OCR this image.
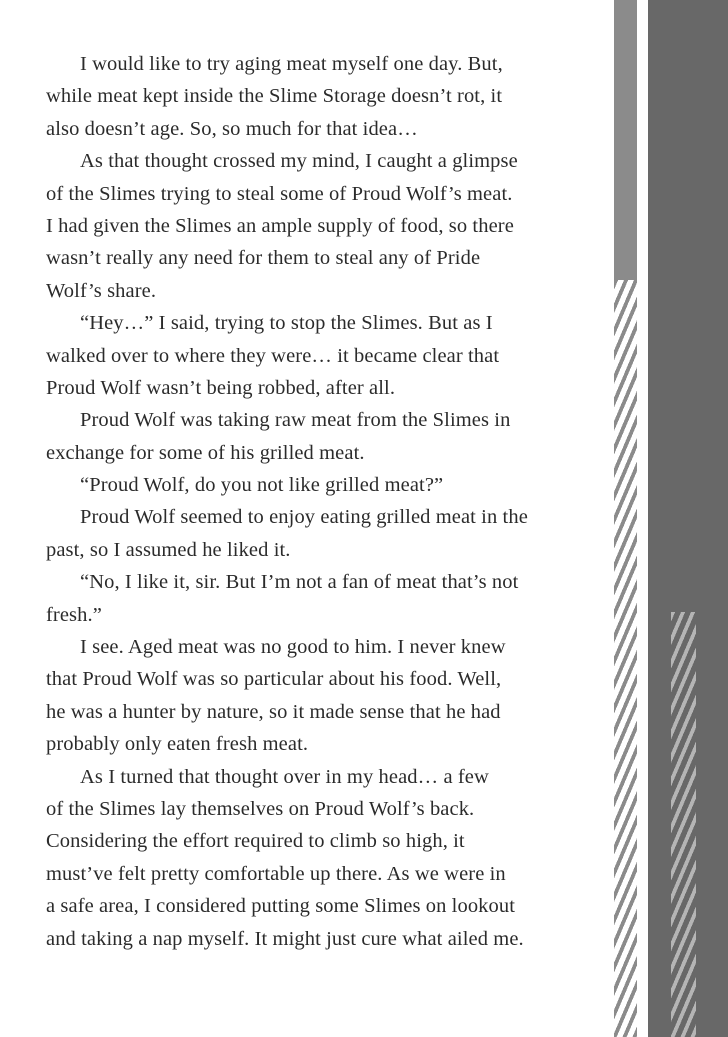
I would like to try aging meat myself one day. But,
while meat kept inside the Slime Storage doesn’t rot, it
also doesn’t age. So, so much for that idea…
As that thought crossed my mind, I caught a glimpse
of the Slimes trying to steal some of Proud Wolf’s meat.
I had given the Slimes an ample supply of food, so there
wasn’t really any need for them to steal any of Pride
Wolf’s share.
“Hey…” I said, trying to stop the Slimes. But as I
walked over to where they were… it became clear that
Proud Wolf wasn’t being robbed, after all.
Proud Wolf was taking raw meat from the Slimes in
exchange for some of his grilled meat.
“Proud Wolf, do you not like grilled meat?”
Proud Wolf seemed to enjoy eating grilled meat in the
past, so I assumed he liked it.
“No, I like it, sir. But I’m not a fan of meat that’s not
fresh.”
I see. Aged meat was no good to him. I never knew
that Proud Wolf was so particular about his food. Well,
he was a hunter by nature, so it made sense that he had
probably only eaten fresh meat.
As I turned that thought over in my head… a few
of the Slimes lay themselves on Proud Wolf’s back.
Considering the effort required to climb so high, it
must’ve felt pretty comfortable up there. As we were in
a safe area, I considered putting some Slimes on lookout
and taking a nap myself. It might just cure what ailed me.
